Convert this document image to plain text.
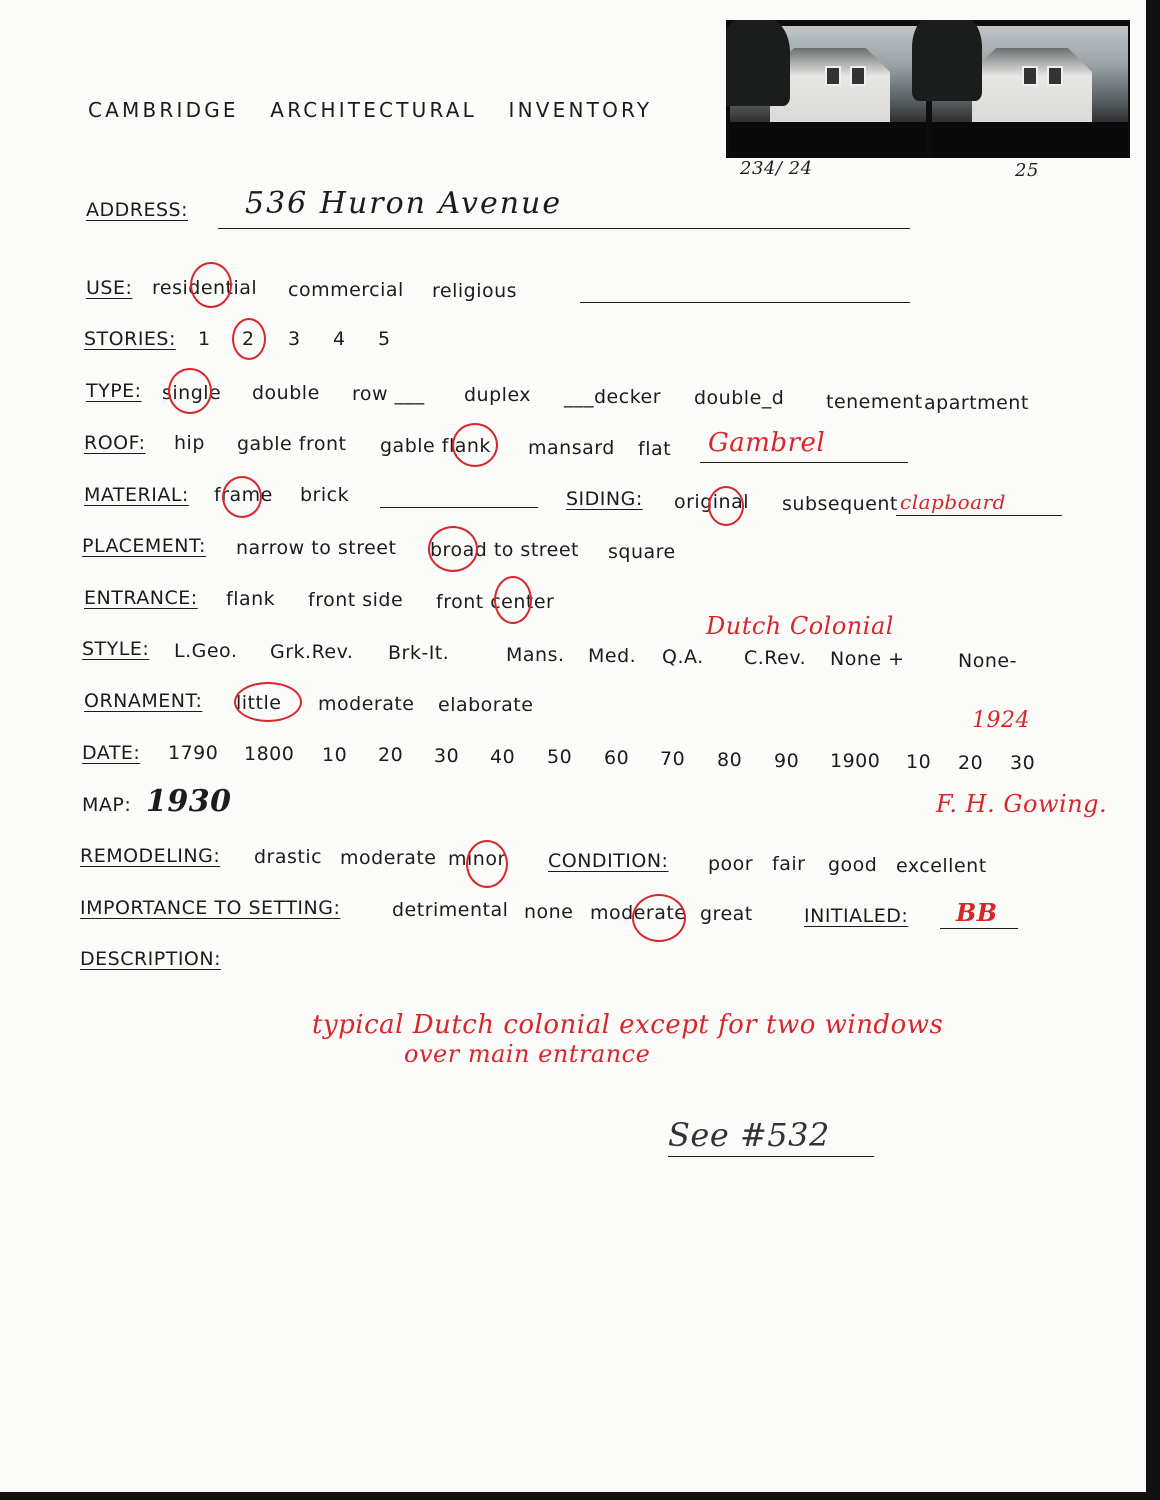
CAMBRIDGE ARCHITECTURAL INVENTORY
234/ 24	25
ADDRESS: 536 Huron Avenue
USE: residential commercial religious
STORIES: 1 2 3 4 5
TYPE: single double row ___ duplex ___decker double_d tenement apartment
ROOF: hip gable front gable flank mansard flat Gambrel
MATERIAL: frame brick	SIDING: original subsequent clapboard
PLACEMENT: narrow to street broad to street square
ENTRANCE: flank front side front center
STYLE: L.Geo. Grk.Rev. Brk-It.	Mans. Med. Q.A. C.Rev. None +	None-
Dutch Colonial
ORNAMENT: little moderate elaborate
DATE: 1790 1800 10 20 30 40 50 60 70 80 90 1900 10 20 30
1924
F. H. Gowing.
MAP: 1930
REMODELING: drastic moderate minor CONDITION: poor fair good excellent
IMPORTANCE TO SETTING:	detrimental none moderate great	INITIALED: BB
DESCRIPTION:
typical Dutch colonial except for two windows
over main entrance
See #532
